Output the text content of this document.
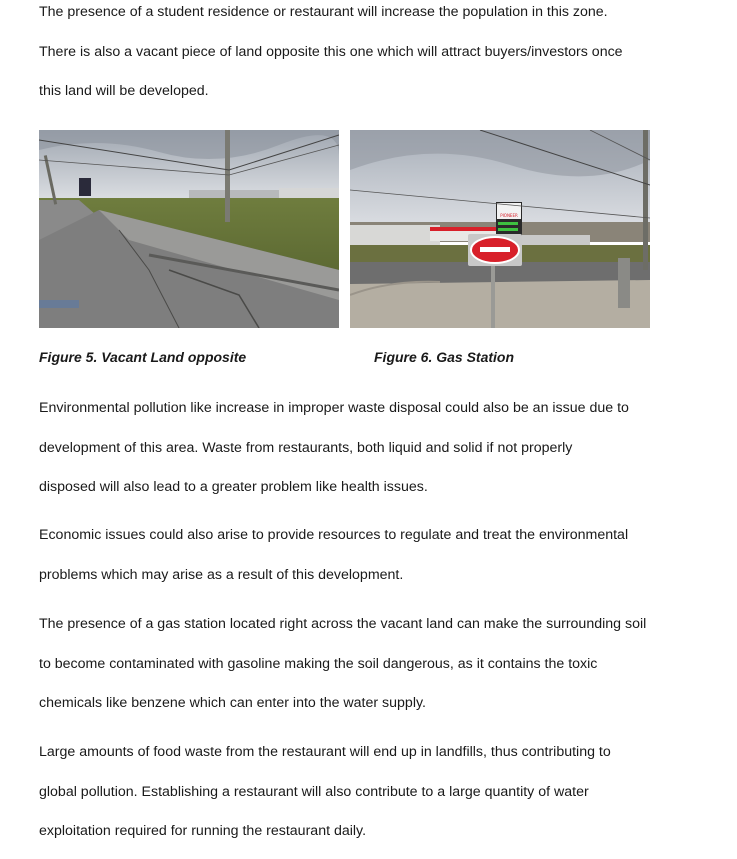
The presence of a student residence or restaurant will increase the population in this zone.
There is also a vacant piece of land opposite this one which will attract buyers/investors once
this land will be developed.
PIONEER
Figure 5. Vacant Land opposite	Figure 6. Gas Station
Environmental pollution like increase in improper waste disposal could also be an issue due to
development of this area. Waste from restaurants, both liquid and solid if not properly
disposed will also lead to a greater problem like health issues.
Economic issues could also arise to provide resources to regulate and treat the environmental
problems which may arise as a result of this development.
The presence of a gas station located right across the vacant land can make the surrounding soil
to become contaminated with gasoline making the soil dangerous, as it contains the toxic
chemicals like benzene which can enter into the water supply.
Large amounts of food waste from the restaurant will end up in landfills, thus contributing to
global pollution. Establishing a restaurant will also contribute to a large quantity of water
exploitation required for running the restaurant daily.
